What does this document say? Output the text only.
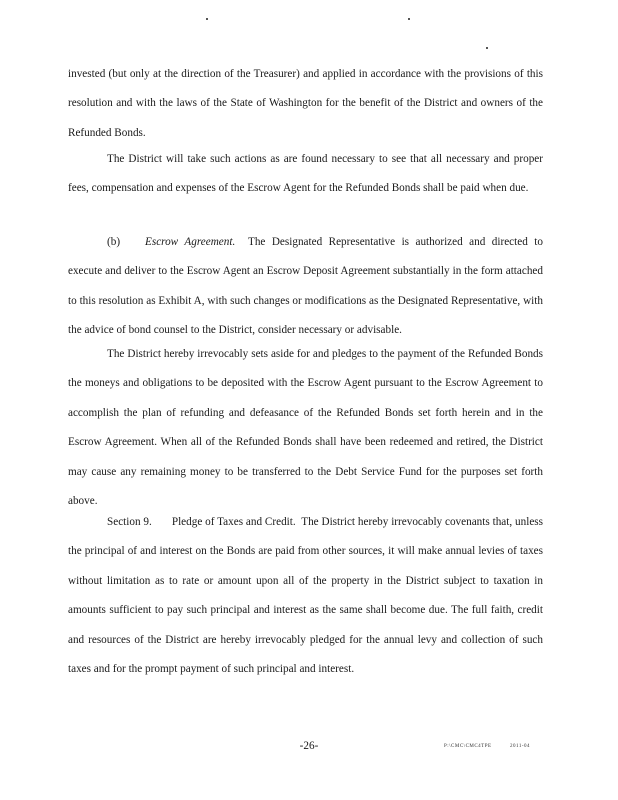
invested (but only at the direction of the Treasurer) and applied in accordance with the provisions of this resolution and with the laws of the State of Washington for the benefit of the District and owners of the Refunded Bonds.

The District will take such actions as are found necessary to see that all necessary and proper fees, compensation and expenses of the Escrow Agent for the Refunded Bonds shall be paid when due.

(b) Escrow Agreement. The Designated Representative is authorized and directed to execute and deliver to the Escrow Agent an Escrow Deposit Agreement substantially in the form attached to this resolution as Exhibit A, with such changes or modifications as the Designated Representative, with the advice of bond counsel to the District, consider necessary or advisable.

The District hereby irrevocably sets aside for and pledges to the payment of the Refunded Bonds the moneys and obligations to be deposited with the Escrow Agent pursuant to the Escrow Agreement to accomplish the plan of refunding and defeasance of the Refunded Bonds set forth herein and in the Escrow Agreement. When all of the Refunded Bonds shall have been redeemed and retired, the District may cause any remaining money to be transferred to the Debt Service Fund for the purposes set forth above.

Section 9. Pledge of Taxes and Credit. The District hereby irrevocably covenants that, unless the principal of and interest on the Bonds are paid from other sources, it will make annual levies of taxes without limitation as to rate or amount upon all of the property in the District subject to taxation in amounts sufficient to pay such principal and interest as the same shall become due. The full faith, credit and resources of the District are hereby irrevocably pledged for the annual levy and collection of such taxes and for the prompt payment of such principal and interest.

-26-	P:\CMC\CMC4TPE	2011-04
